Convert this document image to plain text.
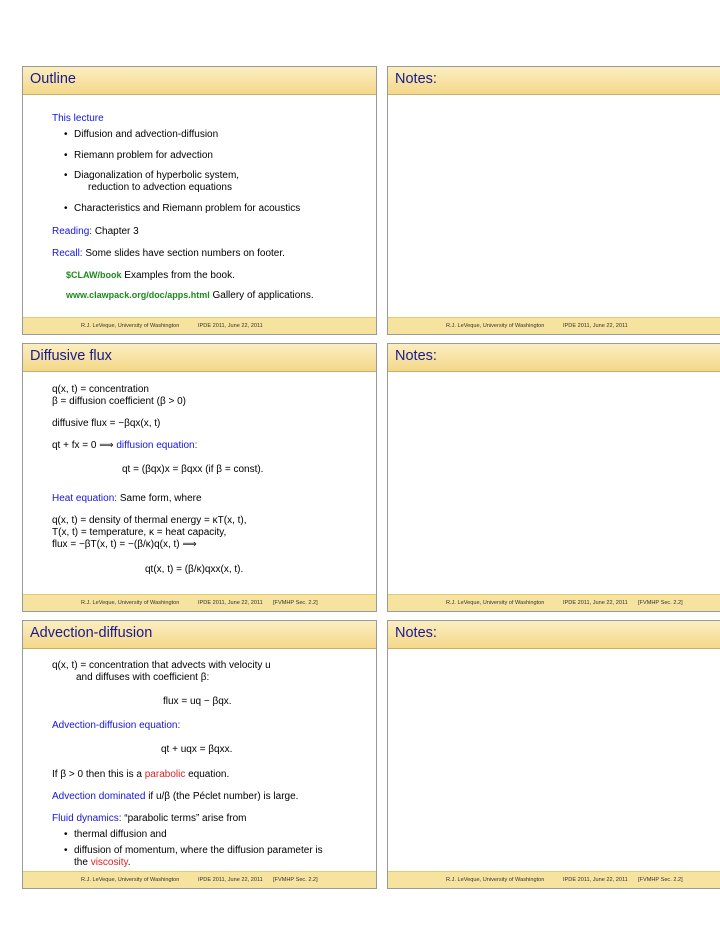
Outline
This lecture
• Diffusion and advection-diffusion
• Riemann problem for advection
• Diagonalization of hyperbolic system,
reduction to advection equations
• Characteristics and Riemann problem for acoustics
Reading: Chapter 3
Recall: Some slides have section numbers on footer.
$CLAW/book Examples from the book.
www.clawpack.org/doc/apps.html Gallery of applications.
R.J. LeVeque, University of Washington	IPDE 2011, June 22, 2011
Notes:
R.J. LeVeque, University of Washington	IPDE 2011, June 22, 2011
Diffusive flux
q(x, t) = concentration
β = diffusion coefficient (β > 0)
diffusive flux = −βqx(x, t)
qt + fx = 0 ⟹ diffusion equation:
qt = (βqx)x = βqxx (if β = const).
Heat equation: Same form, where
q(x, t) = density of thermal energy = κT(x, t),
T(x, t) = temperature, κ = heat capacity,
flux = −βT(x, t) = −(β/κ)q(x, t) ⟹
qt(x, t) = (β/κ)qxx(x, t).
R.J. LeVeque, University of Washington	IPDE 2011, June 22, 2011 [FVMHP Sec. 2.2]
Notes:
R.J. LeVeque, University of Washington	IPDE 2011, June 22, 2011 [FVMHP Sec. 2.2]
Advection-diffusion
q(x, t) = concentration that advects with velocity u
and diffuses with coefficient β:
flux = uq − βqx.
Advection-diffusion equation:
qt + uqx = βqxx.
If β > 0 then this is a parabolic equation.
Advection dominated if u/β (the Péclet number) is large.
Fluid dynamics: “parabolic terms” arise from
• thermal diffusion and
• diffusion of momentum, where the diffusion parameter is
the viscosity.
R.J. LeVeque, University of Washington	IPDE 2011, June 22, 2011 [FVMHP Sec. 2.2]
Notes:
R.J. LeVeque, University of Washington	IPDE 2011, June 22, 2011 [FVMHP Sec. 2.2]
